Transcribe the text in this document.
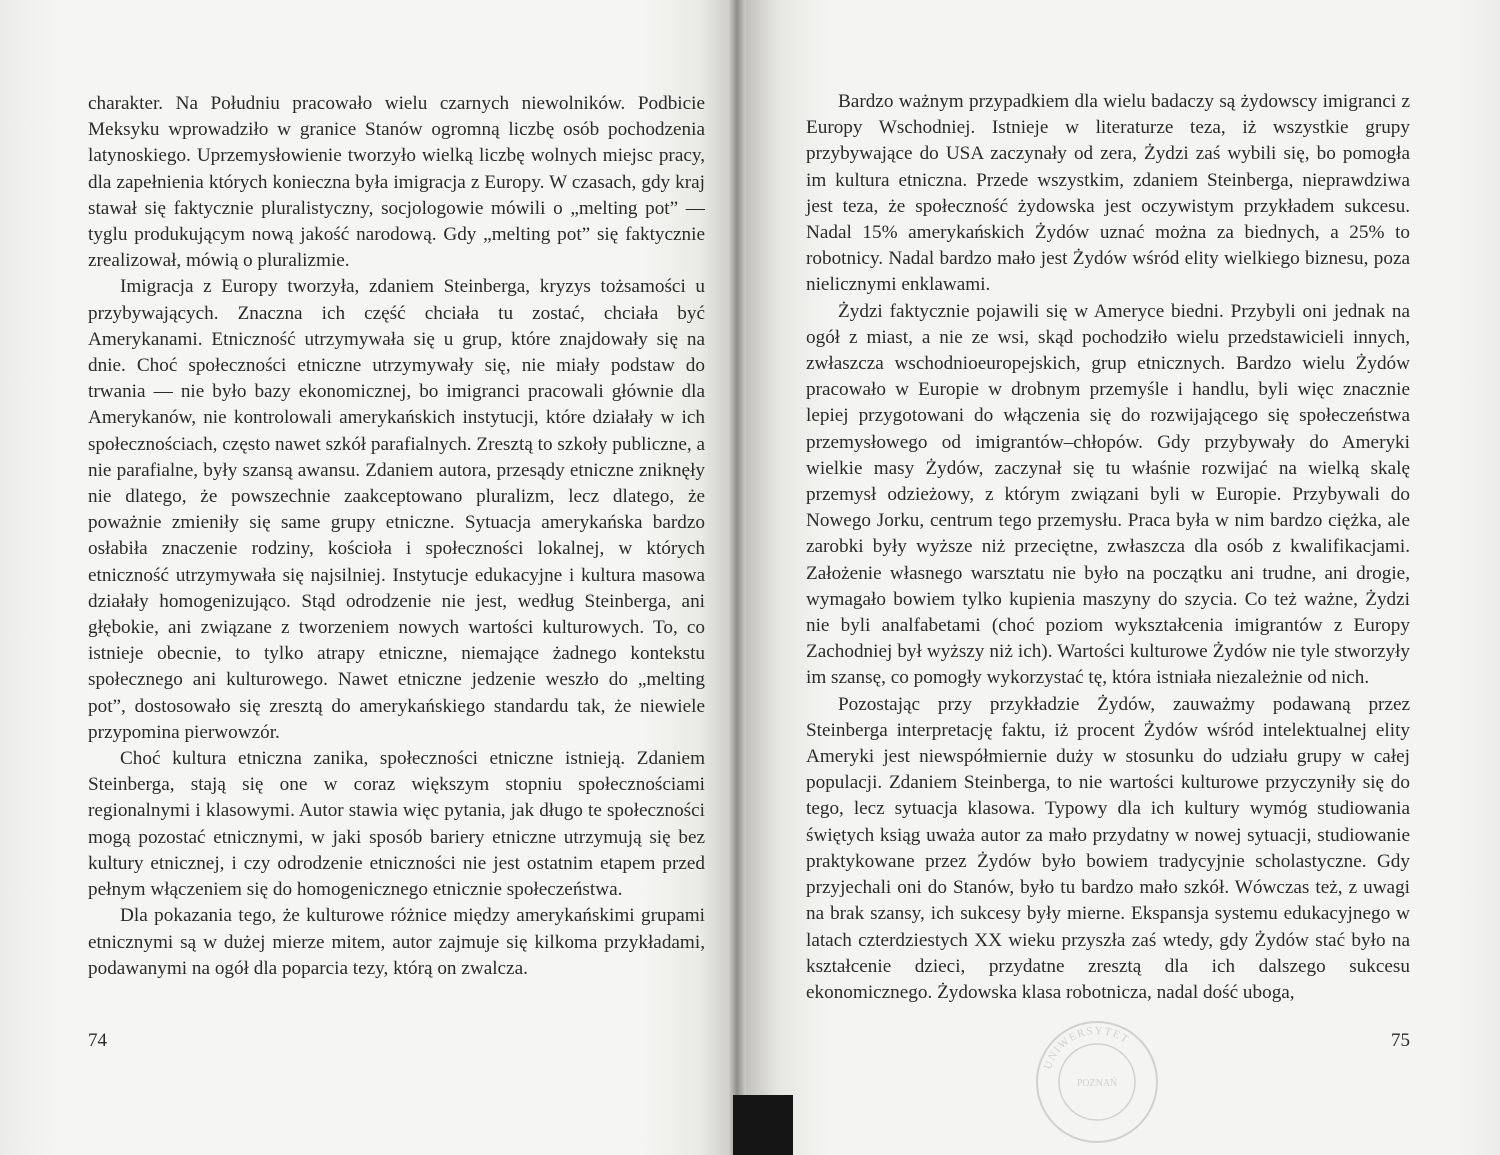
charakter. Na Południu pracowało wielu czarnych niewolników. Podbicie Meksyku wprowadziło w granice Stanów ogromną liczbę osób pochodzenia latynoskiego. Uprzemysłowienie tworzyło wielką liczbę wolnych miejsc pracy, dla zapełnienia których konieczna była imigracja z Europy. W czasach, gdy kraj stawał się faktycznie pluralistyczny, socjologowie mówili o „melting pot” — tyglu produkującym nową jakość narodową. Gdy „melting pot” się faktycznie zrealizował, mówią o pluralizmie.

Imigracja z Europy tworzyła, zdaniem Steinberga, kryzys tożsamości u przybywających. Znaczna ich część chciała tu zostać, chciała być Amerykanami. Etniczność utrzymywała się u grup, które znajdowały się na dnie. Choć społeczności etniczne utrzymywały się, nie miały podstaw do trwania — nie było bazy ekonomicznej, bo imigranci pracowali głównie dla Amerykanów, nie kontrolowali amerykańskich instytucji, które działały w ich społecznościach, często nawet szkół parafialnych. Zresztą to szkoły publiczne, a nie parafialne, były szansą awansu. Zdaniem autora, przesądy etniczne zniknęły nie dlatego, że powszechnie zaakceptowano pluralizm, lecz dlatego, że poważnie zmieniły się same grupy etniczne. Sytuacja amerykańska bardzo osłabiła znaczenie rodziny, kościoła i społeczności lokalnej, w których etniczność utrzymywała się najsilniej. Instytucje edukacyjne i kultura masowa działały homogenizująco. Stąd odrodzenie nie jest, według Steinberga, ani głębokie, ani związane z tworzeniem nowych wartości kulturowych. To, co istnieje obecnie, to tylko atrapy etniczne, niemające żadnego kontekstu społecznego ani kulturowego. Nawet etniczne jedzenie weszło do „melting pot”, dostosowało się zresztą do amerykańskiego standardu tak, że niewiele przypomina pierwowzór.

Choć kultura etniczna zanika, społeczności etniczne istnieją. Zdaniem Steinberga, stają się one w coraz większym stopniu społecznościami regionalnymi i klasowymi. Autor stawia więc pytania, jak długo te społeczności mogą pozostać etnicznymi, w jaki sposób bariery etniczne utrzymują się bez kultury etnicznej, i czy odrodzenie etniczności nie jest ostatnim etapem przed pełnym włączeniem się do homogenicznego etnicznie społeczeństwa.

Dla pokazania tego, że kulturowe różnice między amerykańskimi grupami etnicznymi są w dużej mierze mitem, autor zajmuje się kilkoma przykładami, podawanymi na ogół dla poparcia tezy, którą on zwalcza.

74

Bardzo ważnym przypadkiem dla wielu badaczy są żydowscy imigranci z Europy Wschodniej. Istnieje w literaturze teza, iż wszystkie grupy przybywające do USA zaczynały od zera, Żydzi zaś wybili się, bo pomogła im kultura etniczna. Przede wszystkim, zdaniem Steinberga, nieprawdziwa jest teza, że społeczność żydowska jest oczywistym przykładem sukcesu. Nadal 15% amerykańskich Żydów uznać można za biednych, a 25% to robotnicy. Nadal bardzo mało jest Żydów wśród elity wielkiego biznesu, poza nielicznymi enklawami.

Żydzi faktycznie pojawili się w Ameryce biedni. Przybyli oni jednak na ogół z miast, a nie ze wsi, skąd pochodziło wielu przedstawicieli innych, zwłaszcza wschodnioeuropejskich, grup etnicznych. Bardzo wielu Żydów pracowało w Europie w drobnym przemyśle i handlu, byli więc znacznie lepiej przygotowani do włączenia się do rozwijającego się społeczeństwa przemysłowego od imigrantów–chłopów. Gdy przybywały do Ameryki wielkie masy Żydów, zaczynał się tu właśnie rozwijać na wielką skalę przemysł odzieżowy, z którym związani byli w Europie. Przybywali do Nowego Jorku, centrum tego przemysłu. Praca była w nim bardzo ciężka, ale zarobki były wyższe niż przeciętne, zwłaszcza dla osób z kwalifikacjami. Założenie własnego warsztatu nie było na początku ani trudne, ani drogie, wymagało bowiem tylko kupienia maszyny do szycia. Co też ważne, Żydzi nie byli analfabetami (choć poziom wykształcenia imigrantów z Europy Zachodniej był wyższy niż ich). Wartości kulturowe Żydów nie tyle stworzyły im szansę, co pomogły wykorzystać tę, która istniała niezależnie od nich.

Pozostając przy przykładzie Żydów, zauważmy podawaną przez Steinberga interpretację faktu, iż procent Żydów wśród intelektualnej elity Ameryki jest niewspółmiernie duży w stosunku do udziału grupy w całej populacji. Zdaniem Steinberga, to nie wartości kulturowe przyczyniły się do tego, lecz sytuacja klasowa. Typowy dla ich kultury wymóg studiowania świętych ksiąg uważa autor za mało przydatny w nowej sytuacji, studiowanie praktykowane przez Żydów było bowiem tradycyjnie scholastyczne. Gdy przyjechali oni do Stanów, było tu bardzo mało szkół. Wówczas też, z uwagi na brak szansy, ich sukcesy były mierne. Ekspansja systemu edukacyjnego w latach czterdziestych XX wieku przyszła zaś wtedy, gdy Żydów stać było na kształcenie dzieci, przydatne zresztą dla ich dalszego sukcesu ekonomicznego. Żydowska klasa robotnicza, nadal dość uboga,

75
UNIWERSYTET
POZNAŃ
